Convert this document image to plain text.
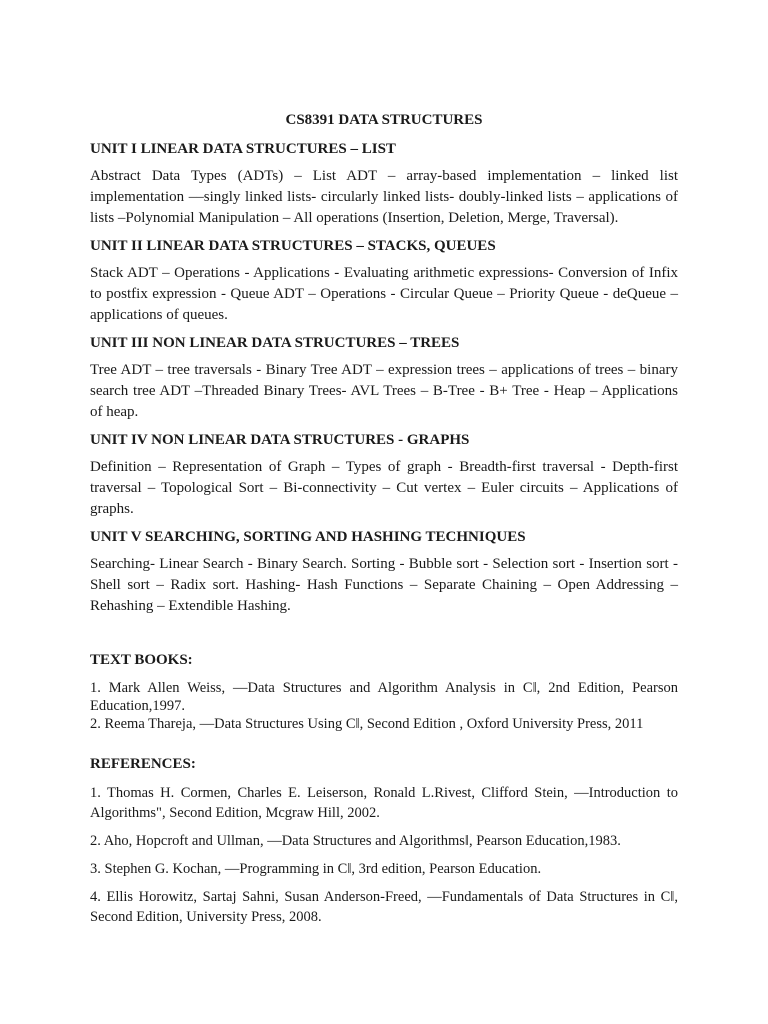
CS8391 DATA STRUCTURES
UNIT I LINEAR DATA STRUCTURES – LIST

Abstract Data Types (ADTs) – List ADT – array-based implementation – linked list implementation ––singly linked lists- circularly linked lists- doubly-linked lists – applications of lists –Polynomial Manipulation – All operations (Insertion, Deletion, Merge, Traversal).

UNIT II LINEAR DATA STRUCTURES – STACKS, QUEUES

Stack ADT – Operations - Applications - Evaluating arithmetic expressions- Conversion of Infix to postfix expression - Queue ADT – Operations - Circular Queue – Priority Queue - deQueue – applications of queues.

UNIT III NON LINEAR DATA STRUCTURES – TREES

Tree ADT – tree traversals - Binary Tree ADT – expression trees – applications of trees – binary search tree ADT –Threaded Binary Trees- AVL Trees – B-Tree - B+ Tree - Heap – Applications of heap.

UNIT IV NON LINEAR DATA STRUCTURES - GRAPHS

Definition – Representation of Graph – Types of graph - Breadth-first traversal - Depth-first traversal – Topological Sort – Bi-connectivity – Cut vertex – Euler circuits – Applications of graphs.

UNIT V SEARCHING, SORTING AND HASHING TECHNIQUES

Searching- Linear Search - Binary Search. Sorting - Bubble sort - Selection sort - Insertion sort - Shell sort – Radix sort. Hashing- Hash Functions – Separate Chaining – Open Addressing – Rehashing – Extendible Hashing.

TEXT BOOKS:

1. Mark Allen Weiss, ―Data Structures and Algorithm Analysis in C‖, 2nd Edition, Pearson Education,1997.

2. Reema Thareja, ―Data Structures Using C‖, Second Edition , Oxford University Press, 2011

REFERENCES:

1. Thomas H. Cormen, Charles E. Leiserson, Ronald L.Rivest, Clifford Stein, ―Introduction to Algorithms", Second Edition, Mcgraw Hill, 2002.

2. Aho, Hopcroft and Ullman, ―Data Structures and Algorithms‖, Pearson Education,1983.

3. Stephen G. Kochan, ―Programming in C‖, 3rd edition, Pearson Education.

4. Ellis Horowitz, Sartaj Sahni, Susan Anderson-Freed, ―Fundamentals of Data Structures in C‖, Second Edition, University Press, 2008.
